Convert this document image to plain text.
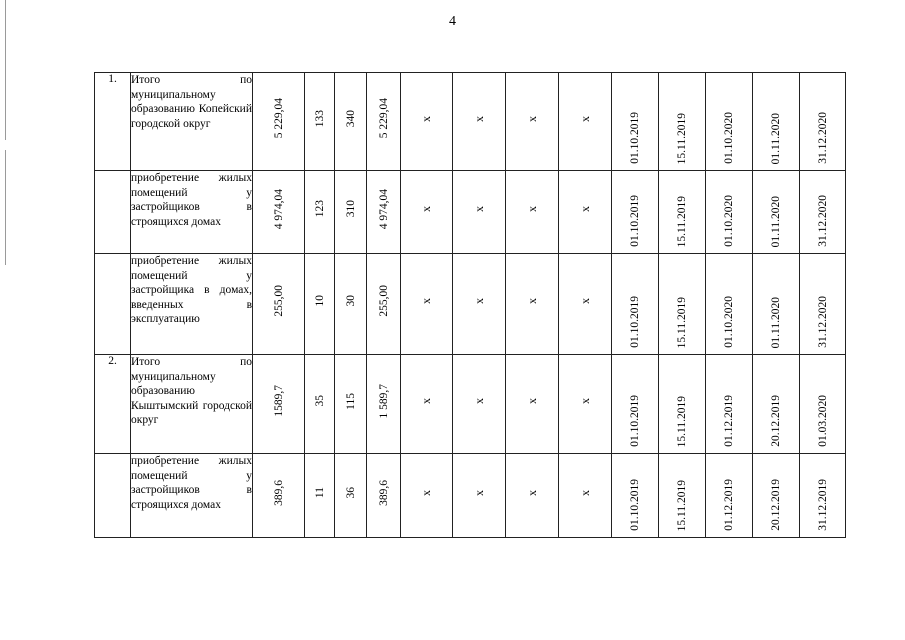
4
1.	Итого по муниципальному образованию Копейский городской округ	5 229,04	133	340	5 229,04	x	x	x	x	01.10.2019	15.11.2019	01.10.2020	01.11.2020	31.12.2020

	приобретение жилых помещений у застройщиков в строящихся домах	4 974,04	123	310	4 974,04	x	x	x	x	01.10.2019	15.11.2019	01.10.2020	01.11.2020	31.12.2020

	приобретение жилых помещений у застройщика в домах, введенных в эксплуатацию	255,00	10	30	255,00	x	x	x	x	01.10.2019	15.11.2019	01.10.2020	01.11.2020	31.12.2020

2.	Итого по муниципальному образованию Кыштымский городской округ	1589,7	35	115	1 589,7	x	x	x	x	01.10.2019	15.11.2019	01.12.2019	20.12.2019	01.03.2020

	приобретение жилых помещений у застройщиков в строящихся домах	389,6	11	36	389,6	x	x	x	x	01.10.2019	15.11.2019	01.12.2019	20.12.2019	31.12.2019
